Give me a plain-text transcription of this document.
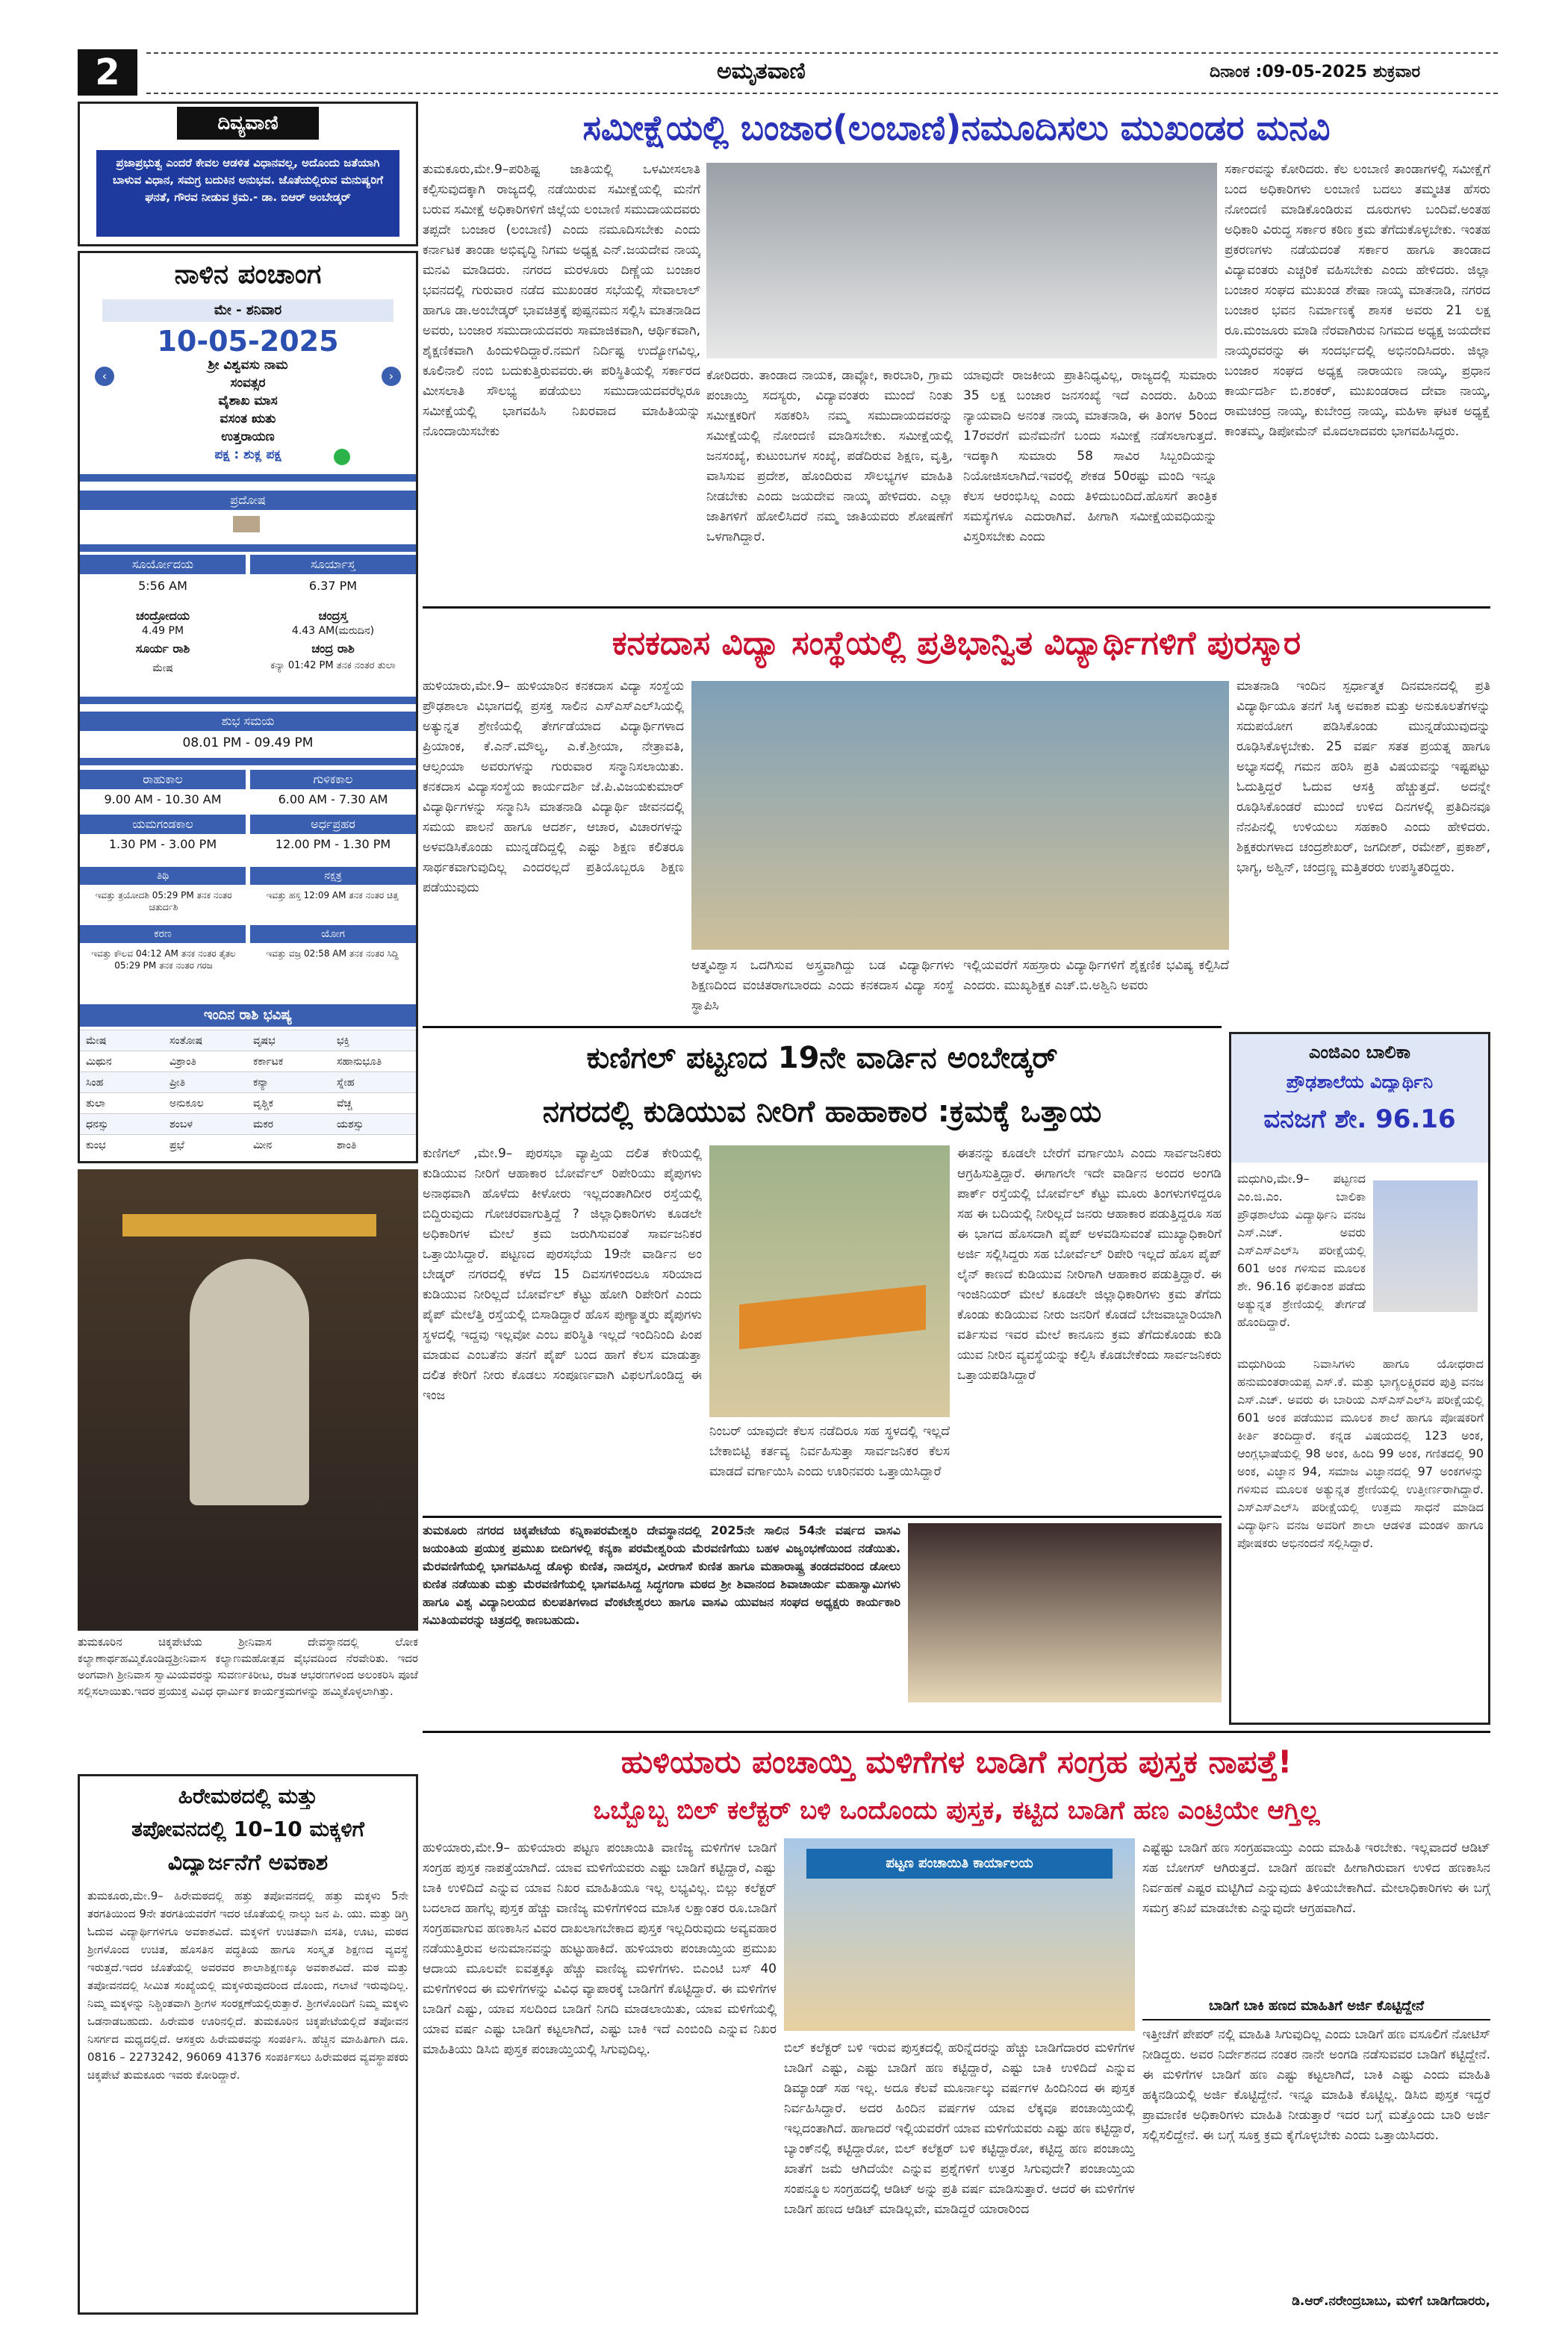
2	ಅಮೃತವಾಣಿ	ದಿನಾಂಕ :09-05-2025 ಶುಕ್ರವಾರ
ದಿವ್ಯವಾಣಿ
ಪ್ರಜಾಪ್ರಭುತ್ವ ಎಂದರೆ ಕೇವಲ ಆಡಳಿತ ವಿಧಾನವಲ್ಲ, ಅದೊಂದು ಜತೆಯಾಗಿ ಬಾಳುವ ವಿಧಾನ, ಸಮಗ್ರ ಬದುಕಿನ ಅನುಭವ. ಜೊತೆಯಲ್ಲಿರುವ ಮನುಷ್ಯರಿಗೆ ಘನತೆ, ಗೌರವ ನೀಡುವ ಕ್ರಮ.- ಡಾ. ಬಿಆರ್ ಅಂಬೇಡ್ಕರ್
ನಾಳಿನ ಪಂಚಾಂಗ
ಮೇ - ಶನಿವಾರ
10-05-2025
‹	›
ಶ್ರೀ ವಿಶ್ವವಸು ನಾಮ
ಸಂವತ್ಸರ
ವೈಶಾಖ ಮಾಸ
ವಸಂತ ಋತು
ಉತ್ತರಾಯಣ
ಪಕ್ಷ : ಶುಕ್ಲ ಪಕ್ಷ
ಪ್ರದೋಷ
ಸೂರ್ಯೋದಯ	ಸೂರ್ಯಾಸ್ತ
5:56 AM	6.37 PM
ಚಂದ್ರೋದಯ	ಚಂದ್ರಸ್ತ
4.49 PM	4.43 AM(ಮರುದಿನ)
ಸೂರ್ಯ ರಾಶಿ	ಚಂದ್ರ ರಾಶಿ
ಮೇಷ	ಕನ್ಯಾ 01:42 PM ತನಕ ನಂತರ ತುಲಾ
ಶುಭ ಸಮಯ
08.01 PM - 09.49 PM
ರಾಹುಕಾಲ	ಗುಳಿಕಕಾಲ
9.00 AM - 10.30 AM	6.00 AM - 7.30 AM
ಯಮಗಂಡಕಾಲ	ಅರ್ಧಪ್ರಹರ
1.30 PM - 3.00 PM	12.00 PM - 1.30 PM
ತಿಥಿ	ನಕ್ಷತ್ರ
ಇವತ್ತು ತ್ರಯೋದಶಿ 05:29 PM ತನಕ ನಂತರ ಚತುರ್ದಶಿ
ಇವತ್ತು ಹಸ್ತ 12:09 AM ತನಕ ನಂತರ ಚಿತ್ತ
ಕರಣ	ಯೋಗ
ಇವತ್ತು ಕೌಲವ 04:12 AM ತನಕ ನಂತರ ತೈತಲ 05:29 PM ತನಕ ನಂತರ ಗರಜ
ಇವತ್ತು ವಜ್ರ 02:58 AM ತನಕ ನಂತರ ಸಿದ್ಧಿ
ಇಂದಿನ ರಾಶಿ ಭವಿಷ್ಯ
ಮೇಷ	ಸಂತೋಷ	ವೃಷಭ	ಭಕ್ತಿ
ಮಿಥುನ	ವಿಶ್ರಾಂತಿ	ಕರ್ಕಾಟಕ	ಸಹಾನುಭೂತಿ
ಸಿಂಹ	ಪ್ರೀತಿ	ಕನ್ಯಾ	ಸ್ನೇಹ
ತುಲಾ	ಅನುಕೂಲ	ವೃಶ್ಚಿಕ	ವೆಚ್ಚ
ಧನಸ್ಸು	ಶಂಬಳ	ಮಕರ	ಯಶಸ್ಸು
ಕುಂಭ	ಪ್ರಭೆ	ಮೀನ	ಶಾಂತಿ
ತುಮಕೂರಿನ ಚಿಕ್ಕಪೇಟೆಯ ಶ್ರೀನಿವಾಸ ದೇವಸ್ಥಾನದಲ್ಲಿ ಲೋಕ ಕಲ್ಯಾಣಾರ್ಥಹಮ್ಮಿಕೊಂಡಿದ್ದಶ್ರೀನಿವಾಸ ಕಲ್ಯಾಣಮಹೋತ್ಸವ ವೈಭವದಿಂದ ನೆರವೇರಿತು. ಇದರ ಅಂಗವಾಗಿ ಶ್ರೀನಿವಾಸ ಸ್ವಾಮಿಯವರನ್ನು ಸುವರ್ಣಕಿರೀಟ, ರಜತ ಆಭರಣಗಳಿಂದ ಅಲಂಕರಿಸಿ ಪೂಜೆ ಸಲ್ಲಿಸಲಾಯಿತು.ಇದರ ಪ್ರಯುಕ್ತ ವಿವಿಧ ಧಾರ್ಮಿಕ ಕಾರ್ಯಕ್ರಮಗಳನ್ನು ಹಮ್ಮಿಕೊಳ್ಳಲಾಗಿತ್ತು.
ಹಿರೇಮಠದಲ್ಲಿ ಮತ್ತು
ತಪೋವನದಲ್ಲಿ 10–10 ಮಕ್ಕಳಿಗೆ
ವಿದ್ಯಾರ್ಜನೆಗೆ ಅವಕಾಶ
ತುಮಕೂರು,ಮೇ.9– ಹಿರೇಮಠದಲ್ಲಿ ಹತ್ತು ತಪೋವನದಲ್ಲಿ ಹತ್ತು ಮಕ್ಕಳು 5ನೇ ತರಗತಿಯಿಂದ 9ನೇ ತರಗತಿಯವರೆಗೆ ಇದರ ಜೊತೆಯಲ್ಲಿ ನಾಲ್ಕು ಜನ ಪಿ. ಯು. ಮತ್ತು ಡಿಗ್ರಿ ಓದುವ ವಿದ್ಯಾರ್ಥಿಗಳಿಗೂ ಅವಕಾಶವಿದೆ. ಮಕ್ಕಳಿಗೆ ಉಚಿತವಾಗಿ ವಸತಿ, ಊಟ, ಮಠದ ಶ್ರೀಗಳೊಂದ ಉಚಿತ, ಹೊಸತಿನ ಪದ್ಧತಿಯ ಹಾಗೂ ಸಂಸ್ಕೃತ ಶಿಕ್ಷಣದ ವ್ಯವಸ್ಥೆ ಇರುತ್ತದೆ.ಇದರ ಜೊತೆಯಲ್ಲಿ ಅವರವರ ಶಾಲಾಶಿಕ್ಷಣಕ್ಕೂ ಅವಕಾಶವಿದೆ. ಮಠ ಮತ್ತು ತಪೋವನದಲ್ಲಿ ಸೀಮಿತ ಸಂಖ್ಯೆಯಲ್ಲಿ ಮಕ್ಕಳಿರುವುದರಿಂದ ದೊಂದು, ಗಲಾಟೆ ಇರುವುದಿಲ್ಲ. ನಿಮ್ಮ ಮಕ್ಕಳನ್ನು ನಿಶ್ಚಿಂತವಾಗಿ ಶ್ರೀಗಳ ಸಂರಕ್ಷಣೆಯಲ್ಲಿರುತ್ತಾರೆ. ಶ್ರೀಗಳೊಂದಿಗೆ ನಿಮ್ಮ ಮಕ್ಕಳು ಒಡನಾಡಬಹುದು. ಹಿರೇಮಠ ಊರಿನಲ್ಲಿದೆ. ತುಮಕೂರಿನ ಚಿಕ್ಕಪೇಟೆಯಲ್ಲಿದೆ ತಪೋವನ ನಿಸರ್ಗದ ಮಧ್ಯದಲ್ಲಿದೆ. ಆಸಕ್ತರು ಹಿರೇಮಠವನ್ನು ಸಂಪರ್ಕಿಸಿ. ಹೆಚ್ಚಿನ ಮಾಹಿತಿಗಾಗಿ ದೂ. 0816 – 2273242, 96069 41376 ಸಂಪರ್ಕಿಸಲು ಹಿರೇಮಠದ ವ್ಯವಸ್ಥಾಪಕರು ಚಿಕ್ಕಪೇಟೆ ತುಮಕೂರು ಇವರು ಕೋರಿದ್ದಾರೆ.
ಸಮೀಕ್ಷೆಯಲ್ಲಿ ಬಂಜಾರ(ಲಂಬಾಣಿ)ನಮೂದಿಸಲು ಮುಖಂಡರ ಮನವಿ
ತುಮಕೂರು,ಮೇ.9–ಪರಿಶಿಷ್ಟ ಜಾತಿಯಲ್ಲಿ ಒಳಮೀಸಲಾತಿ ಕಲ್ಪಿಸುವುದಕ್ಕಾಗಿ ರಾಜ್ಯದಲ್ಲಿ ನಡೆಯಿರುವ ಸಮೀಕ್ಷೆಯಲ್ಲಿ ಮನೆಗೆ ಬರುವ ಸಮೀಕ್ಷೆ ಅಧಿಕಾರಿಗಳಿಗೆ ಜಿಲ್ಲೆಯ ಲಂಬಾಣಿ ಸಮುದಾಯದವರು ತಪ್ಪದೇ ಬಂಜಾರ (ಲಂಬಾಣಿ) ಎಂದು ನಮೂದಿಸಬೇಕು ಎಂದು ಕರ್ನಾಟಕ ತಾಂಡಾ ಅಭಿವೃದ್ಧಿ ನಿಗಮ ಅಧ್ಯಕ್ಷ ಎನ್.ಜಯದೇವ ನಾಯ್ಕ ಮನವಿ ಮಾಡಿದರು. ನಗರದ ಮರಳೂರು ದಿಣ್ಣೆಯ ಬಂಜಾರ ಭವನದಲ್ಲಿ ಗುರುವಾರ ನಡೆದ ಮುಖಂಡರ ಸಭೆಯಲ್ಲಿ ಸೇವಾಲಾಲ್ ಹಾಗೂ ಡಾ.ಅಂಬೇಡ್ಕರ್ ಭಾವಚಿತ್ರಕ್ಕೆ ಪುಷ್ಪನಮನ ಸಲ್ಲಿಸಿ ಮಾತನಾಡಿದ ಅವರು, ಬಂಜಾರ ಸಮುದಾಯದವರು ಸಾಮಾಜಿಕವಾಗಿ, ಆರ್ಥಿಕವಾಗಿ, ಶೈಕ್ಷಣಿಕವಾಗಿ ಹಿಂದುಳಿದಿದ್ದಾರೆ.ನಮಗೆ ನಿರ್ದಿಷ್ಟ ಉದ್ಯೋಗವಿಲ್ಲ, ಕೂಲಿನಾಲಿ ನಂಬಿ ಬದುಕುತ್ತಿರುವವರು.ಈ ಪರಿಸ್ಥಿತಿಯಲ್ಲಿ ಸರ್ಕಾರದ ಮೀಸಲಾತಿ ಸೌಲಭ್ಯ ಪಡೆಯಲು ಸಮುದಾಯದವರೆಲ್ಲರೂ ಸಮೀಕ್ಷೆಯಲ್ಲಿ ಭಾಗವಹಿಸಿ ನಿಖರವಾದ ಮಾಹಿತಿಯನ್ನು ನೊಂದಾಯಿಸಬೇಕು
ಕೋರಿದರು. ತಾಂಡಾದ ನಾಯಕ, ಡಾವ್ಲೋ, ಕಾರಬಾರಿ, ಗ್ರಾಮ ಪಂಚಾಯ್ತಿ ಸದಸ್ಯರು, ವಿದ್ಯಾವಂತರು ಮುಂದೆ ನಿಂತು ಸಮೀಕ್ಷಕರಿಗೆ ಸಹಕರಿಸಿ ನಮ್ಮ ಸಮುದಾಯದವರನ್ನು ಸಮೀಕ್ಷೆಯಲ್ಲಿ ನೋಂದಣಿ ಮಾಡಿಸಬೇಕು. ಸಮೀಕ್ಷೆಯಲ್ಲಿ ಜನಸಂಖ್ಯೆ, ಕುಟುಂಬಗಳ ಸಂಖ್ಯೆ, ಪಡೆದಿರುವ ಶಿಕ್ಷಣ, ವೃತ್ತಿ, ವಾಸಿಸುವ ಪ್ರದೇಶ, ಹೊಂದಿರುವ ಸೌಲಭ್ಯಗಳ ಮಾಹಿತಿ ನೀಡಬೇಕು ಎಂದು ಜಯದೇವ ನಾಯ್ಕ ಹೇಳಿದರು. ಎಲ್ಲಾ ಜಾತಿಗಳಿಗೆ ಹೋಲಿಸಿದರೆ ನಮ್ಮ ಜಾತಿಯವರು ಶೋಷಣೆಗೆ ಒಳಗಾಗಿದ್ದಾರೆ.
ಯಾವುದೇ ರಾಜಕೀಯ ಪ್ರಾತಿನಿಧ್ಯವಿಲ್ಲ, ರಾಜ್ಯದಲ್ಲಿ ಸುಮಾರು 35 ಲಕ್ಷ ಬಂಜಾರ ಜನಸಂಖ್ಯೆ ಇದೆ ಎಂದರು. ಹಿರಿಯ ನ್ಯಾಯವಾದಿ ಅನಂತ ನಾಯ್ಕ ಮಾತನಾಡಿ, ಈ ತಿಂಗಳ 5ರಿಂದ 17ರವರೆಗೆ ಮನೆಮನೆಗೆ ಬಂದು ಸಮೀಕ್ಷೆ ನಡೆಸಲಾಗುತ್ತದೆ. ಇದಕ್ಕಾಗಿ ಸುಮಾರು 58 ಸಾವಿರ ಸಿಬ್ಬಂದಿಯನ್ನು ನಿಯೋಜಿಸಲಾಗಿದೆ.ಇವರಲ್ಲಿ ಶೇಕಡ 50ರಷ್ಟು ಮಂದಿ ಇನ್ನೂ ಕೆಲಸ ಆರಂಭಿಸಿಲ್ಲ ಎಂದು ತಿಳಿದುಬಂದಿದೆ.ಹೊಸಗೆ ತಾಂತ್ರಿಕ ಸಮಸ್ಯೆಗಳೂ ಎದುರಾಗಿವೆ. ಹೀಗಾಗಿ ಸಮೀಕ್ಷೆಯವಧಿಯನ್ನು ವಿಸ್ತರಿಸಬೇಕು ಎಂದು
ಸರ್ಕಾರವನ್ನು ಕೋರಿದರು. ಕೆಲ ಲಂಬಾಣಿ ತಾಂಡಾಗಳಲ್ಲಿ ಸಮೀಕ್ಷೆಗೆ ಬಂದ ಅಧಿಕಾರಿಗಳು ಲಂಬಾಣಿ ಬದಲು ತಮ್ಮಚಿತ ಹೆಸರು ನೋಂದಣಿ ಮಾಡಿಕೊಂಡಿರುವ ದೂರುಗಳು ಬಂದಿವೆ.ಅಂತಹ ಅಧಿಕಾರಿ ವಿರುದ್ಧ ಸರ್ಕಾರ ಕಠಿಣ ಕ್ರಮ ತೆಗೆದುಕೊಳ್ಳಬೇಕು. ಇಂತಹ ಪ್ರಕರಣಗಳು ನಡೆಯದಂತೆ ಸರ್ಕಾರ ಹಾಗೂ ತಾಂಡಾದ ವಿದ್ಯಾವಂತರು ಎಚ್ಚರಿಕೆ ವಹಿಸಬೇಕು ಎಂದು ಹೇಳಿದರು. ಜಿಲ್ಲಾ ಬಂಜಾರ ಸಂಘದ ಮುಖಂಡ ಶೇಷಾ ನಾಯ್ಕ ಮಾತನಾಡಿ, ನಗರದ ಬಂಜಾರ ಭವನ ನಿರ್ಮಾಣಕ್ಕೆ ಶಾಸಕ ಅವರು 21 ಲಕ್ಷ ರೂ.ಮಂಜೂರು ಮಾಡಿ ನೆರವಾಗಿರುವ ನಿಗಮದ ಅಧ್ಯಕ್ಷ ಜಯದೇವ ನಾಯ್ಕರವರನ್ನು ಈ ಸಂದರ್ಭದಲ್ಲಿ ಅಭಿನಂದಿಸಿದರು. ಜಿಲ್ಲಾ ಬಂಜಾರ ಸಂಘದ ಅಧ್ಯಕ್ಷ ನಾರಾಯಣ ನಾಯ್ಕ, ಪ್ರಧಾನ ಕಾರ್ಯದರ್ಶಿ ಬಿ.ಶಂಕರ್, ಮುಖಂಡರಾದ ದೇವಾ ನಾಯ್ಕ, ರಾಮಚಂದ್ರ ನಾಯ್ಕ, ಕುಬೇಂದ್ರ ನಾಯ್ಕ, ಮಹಿಳಾ ಘಟಕ ಅಧ್ಯಕ್ಷೆ ಕಾಂತಮ್ಮ, ಡಿಪೋಮೆನ್ ಮೊದಲಾದವರು ಭಾಗವಹಿಸಿದ್ದರು.
ಕನಕದಾಸ ವಿದ್ಯಾ ಸಂಸ್ಥೆಯಲ್ಲಿ ಪ್ರತಿಭಾನ್ವಿತ ವಿದ್ಯಾರ್ಥಿಗಳಿಗೆ ಪುರಸ್ಕಾರ
ಹುಳಿಯಾರು,ಮೇ.9– ಹುಳಿಯಾರಿನ ಕನಕದಾಸ ವಿದ್ಯಾ ಸಂಸ್ಥೆಯ ಪ್ರೌಢಶಾಲಾ ವಿಭಾಗದಲ್ಲಿ ಪ್ರಸಕ್ತ ಸಾಲಿನ ಎಸ್ಎಸ್ಎಲ್‌ಸಿಯಲ್ಲಿ ಅತ್ಯುನ್ನತ ಶ್ರೇಣಿಯಲ್ಲಿ ತೇರ್ಗಡೆಯಾದ ವಿದ್ಯಾರ್ಥಿಗಳಾದ ಪ್ರಿಯಾಂಕ, ಕೆ.ಎನ್.ಮೌಲ್ಯ, ಎ.ಕೆ.ಶ್ರೀಯಾ, ನೇತ್ರಾವತಿ, ಆಲ್ಸಂಯಾ ಅವರುಗಳನ್ನು ಗುರುವಾರ ಸನ್ಮಾನಿಸಲಾಯಿತು. ಕನಕದಾಸ ವಿದ್ಯಾಸಂಸ್ಥೆಯ ಕಾರ್ಯದರ್ಶಿ ಜೆ.ಪಿ.ವಿಜಯಕುಮಾರ್ ವಿದ್ಯಾರ್ಥಿಗಳನ್ನು ಸನ್ಮಾನಿಸಿ ಮಾತನಾಡಿ ವಿದ್ಯಾರ್ಥಿ ಜೀವನದಲ್ಲಿ ಸಮಯ ಪಾಲನೆ ಹಾಗೂ ಆದರ್ಶ, ಆಚಾರ, ವಿಚಾರಗಳನ್ನು ಅಳವಡಿಸಿಕೊಂಡು ಮುನ್ನಡೆದಿದ್ದಲ್ಲಿ ಎಷ್ಟು ಶಿಕ್ಷಣ ಕಲಿತರೂ ಸಾರ್ಥಕವಾಗುವುದಿಲ್ಲ ಎಂದರಲ್ಲದೆ ಪ್ರತಿಯೊಬ್ಬರೂ ಶಿಕ್ಷಣ ಪಡೆಯುವುದು
ಆತ್ಮವಿಶ್ವಾಸ ಒದಗಿಸುವ ಅಸ್ತ್ರವಾಗಿದ್ದು ಬಡ ವಿದ್ಯಾರ್ಥಿಗಳು ಶಿಕ್ಷಣದಿಂದ ವಂಚಿತರಾಗಬಾರದು ಎಂದು ಕನಕದಾಸ ವಿದ್ಯಾ ಸಂಸ್ಥೆ ಸ್ಥಾಪಿಸಿ
ಇಲ್ಲಿಯವರೆಗೆ ಸಹಸ್ರಾರು ವಿದ್ಯಾರ್ಥಿಗಳಿಗೆ ಶೈಕ್ಷಣಿಕ ಭವಿಷ್ಯ ಕಲ್ಪಿಸಿದೆ ಎಂದರು. ಮುಖ್ಯಶಿಕ್ಷಕ ಎಚ್.ಬಿ.ಅಶ್ವಿನಿ ಅವರು
ಮಾತನಾಡಿ ಇಂದಿನ ಸ್ಪರ್ಧಾತ್ಮಕ ದಿನಮಾನದಲ್ಲಿ ಪ್ರತಿ ವಿದ್ಯಾರ್ಥಿಯೂ ತನಗೆ ಸಿಕ್ಕ ಅವಕಾಶ ಮತ್ತು ಅನುಕೂಲತೆಗಳನ್ನು ಸದುಪಯೋಗ ಪಡಿಸಿಕೊಂಡು ಮುನ್ನಡೆಯುವುದನ್ನು ರೂಢಿಸಿಕೊಳ್ಳಬೇಕು. 25 ವರ್ಷ ಸತತ ಪ್ರಯತ್ನ ಹಾಗೂ ಅಭ್ಯಾಸದಲ್ಲಿ ಗಮನ ಹರಿಸಿ ಪ್ರತಿ ವಿಷಯವನ್ನು ಇಷ್ಟಪಟ್ಟು ಓದುತ್ತಿದ್ದರೆ ಓದುವ ಆಸಕ್ತಿ ಹೆಚ್ಚುತ್ತದೆ. ಅದನ್ನೇ ರೂಢಿಸಿಕೊಂಡರೆ ಮುಂದೆ ಉಳಿದ ದಿನಗಳಲ್ಲಿ ಪ್ರತಿದಿನವೂ ನೆನಪಿನಲ್ಲಿ ಉಳಿಯಲು ಸಹಕಾರಿ ಎಂದು ಹೇಳಿದರು. ಶಿಕ್ಷಕರುಗಳಾದ ಚಂದ್ರಶೇಖರ್, ಜಗದೀಶ್, ರಮೇಶ್, ಪ್ರಕಾಶ್, ಭಾಗ್ಯ, ಅಶ್ವಿನ್, ಚಂದ್ರಣ್ಣ ಮತ್ತಿತರರು ಉಪಸ್ಥಿತರಿದ್ದರು.
ಕುಣಿಗಲ್ ಪಟ್ಟಣದ 19ನೇ ವಾರ್ಡಿನ ಅಂಬೇಡ್ಕರ್
ನಗರದಲ್ಲಿ ಕುಡಿಯುವ ನೀರಿಗೆ ಹಾಹಾಕಾರ :ಕ್ರಮಕ್ಕೆ ಒತ್ತಾಯ
ಕುಣಿಗಲ್ ,ಮೇ.9– ಪುರಸಭಾ ವ್ಯಾಪ್ತಿಯ ದಲಿತ ಕೇರಿಯಲ್ಲಿ ಕುಡಿಯುವ ನೀರಿಗೆ ಆಹಾಕಾರ ಬೋರ್ವೆಲ್ ರಿಪೇರಿಯು ಪೈಪುಗಳು ಅನಾಥವಾಗಿ ಹೊಳೆದು ಕೀಳೋರು ಇಲ್ಲದಂತಾಗಿದೀರ ರಸ್ತೆಯಲ್ಲಿ ಬಿದ್ದಿರುವುದು ಗೋಚರವಾಗುತ್ತಿದ್ದೆ ? ಜಿಲ್ಲಾಧಿಕಾರಿಗಳು ಕೂಡಲೇ ಅಧಿಕಾರಿಗಳ ಮೇಲೆ ಕ್ರಮ ಜರುಗಿಸುವಂತೆ ಸಾರ್ವಜನಿಕರ ಒತ್ತಾಯಿಸಿದ್ದಾರೆ. ಪಟ್ಟಣದ ಪುರಸಭೆಯ 19ನೇ ವಾರ್ಡಿನ ಅಂ ಬೇಡ್ಕರ್ ನಗರದಲ್ಲಿ ಕಳೆದ 15 ದಿವಸಗಳಿಂದಲೂ ಸರಿಯಾದ ಕುಡಿಯುವ ನೀರಿಲ್ಲದೆ ಬೋರ್ವೆಲ್ ಕೆಟ್ಟು ಹೋಗಿ ರಿಪೇರಿಗೆ ಎಂದು ಪೈಪ್ ಮೇಲೆತ್ತಿ ರಸ್ತೆಯಲ್ಲಿ ಬಿಸಾಡಿದ್ದಾರೆ ಹೊಸ ಪುಣ್ಯಾತ್ಮರು ಪೈಪುಗಳು ಸ್ಥಳದಲ್ಲಿ ಇದ್ದವು ಇಲ್ಲವೋ ಎಂಬ ಪರಿಸ್ಥಿತಿ ಇಲ್ಲದೆ ಇಂದಿನಿಂದಿ ಪಿಂಪ ಮಾಡುವ ಎಂಬತೆನು ತನಗೆ ಪೈಪ್ ಬಂದ ಹಾಗೆ ಕೆಲಸ ಮಾಡುತ್ತಾ ದಲಿತ ಕೇರಿಗೆ ನೀರು ಕೊಡಲು ಸಂಪೂರ್ಣವಾಗಿ ವಿಫಲಗೊಂಡಿದ್ದ ಈ ಇಂಜ
ನಿಂಬರ್ ಯಾವುದೇ ಕೆಲಸ ನಡೆದಿರೂ ಸಹ ಸ್ಥಳದಲ್ಲಿ ಇಲ್ಲದೆ ಬೇಕಾಬಿಟ್ಟಿ ಕರ್ತವ್ಯ ನಿರ್ವಹಿಸುತ್ತಾ ಸಾರ್ವಜನಿಕರ ಕೆಲಸ ಮಾಡದೆ ವರ್ಗಾಯಿಸಿ ಎಂದು ಊರಿನವರು ಒತ್ತಾಯಿಸಿದ್ದಾರೆ
ಈತನನ್ನು ಕೂಡಲೇ ಬೇರೆಗೆ ವರ್ಗಾಯಿಸಿ ಎಂದು ಸಾರ್ವಜನಿಕರು ಆಗ್ರಹಿಸುತ್ತಿದ್ದಾರೆ. ಈಗಾಗಲೇ ಇದೇ ವಾರ್ಡಿನ ಅಂದರ ಅಂಗಡಿ ಪಾರ್ಕ್ ರಸ್ತೆಯಲ್ಲಿ ಬೋರ್ವೆಲ್ ಕೆಟ್ಟು ಮೂರು ತಿಂಗಳುಗಳಿದ್ದರೂ ಸಹ ಈ ಬದಿಯಲ್ಲಿ ನೀರಿಲ್ಲದೆ ಜನರು ಆಹಾಕಾರ ಪಡುತ್ತಿದ್ದರೂ ಸಹ ಈ ಭಾಗದ ಹೊಸದಾಗಿ ಪೈಪ್ ಅಳವಡಿಸುವಂತೆ ಮುಖ್ಯಾಧಿಕಾರಿಗೆ ಅರ್ಜಿ ಸಲ್ಲಿಸಿದ್ದರು ಸಹ ಬೋರ್ವೆಲ್ ರಿಪೇರಿ ಇಲ್ಲದೆ ಹೊಸ ಪೈಪ್ ಲೈನ್ ಕಾಣದೆ ಕುಡಿಯುವ ನೀರಿಗಾಗಿ ಆಹಾಕಾರ ಪಡುತ್ತಿದ್ದಾರೆ. ಈ ಇಂಜಿನಿಯರ್ ಮೇಲೆ ಕೂಡಲೇ ಜಿಲ್ಲಾಧಿಕಾರಿಗಳು ಕ್ರಮ ತೆಗೆದು ಕೊಂಡು ಕುಡಿಯುವ ನೀರು ಜನರಿಗೆ ಕೊಡದೆ ಬೇಜವಾಬ್ದಾರಿಯಾಗಿ ವರ್ತಿಸುವ ಇವರ ಮೇಲೆ ಕಾನೂನು ಕ್ರಮ ತೆಗೆದುಕೊಂಡು ಕುಡಿ ಯುವ ನೀರಿನ ವ್ಯವಸ್ಥೆಯನ್ನು ಕಲ್ಪಿಸಿ ಕೊಡಬೇಕೆಂದು ಸಾರ್ವಜನಿಕರು ಒತ್ತಾಯಪಡಿಸಿದ್ದಾರೆ
ಎಂಜಿಎಂ ಬಾಲಿಕಾ
ಪ್ರೌಢಶಾಲೆಯ ವಿದ್ಯಾರ್ಥಿನಿ
ವನಜಗೆ ಶೇ. 96.16
ಮಧುಗಿರಿ,ಮೇ.9– ಪಟ್ಟಣದ ಎಂ.ಜಿ.ಎಂ. ಬಾಲಿಕಾ ಪ್ರೌಢಶಾಲೆಯ ವಿದ್ಯಾರ್ಥಿನಿ ವನಜ ಎಸ್.ಎಚ್. ಅವರು ಎಸ್ಎಸ್ಎಲ್‌ಸಿ ಪರೀಕ್ಷೆಯಲ್ಲಿ 601 ಅಂಕ ಗಳಿಸುವ ಮೂಲಕ ಶೇ. 96.16 ಫಲಿತಾಂಶ ಪಡೆದು ಅತ್ಯುನ್ನತ ಶ್ರೇಣಿಯಲ್ಲಿ ತೇರ್ಗಡೆ ಹೊಂದಿದ್ದಾರೆ.
ಮಧುಗಿರಿಯ ನಿವಾಸಿಗಳು ಹಾಗೂ ಯೋಧರಾದ ಹನುಮಂತರಾಯಪ್ಪ ಎಸ್.ಕೆ. ಮತ್ತು ಭಾಗ್ಯಲಕ್ಷ್ಮಿರವರ ಪುತ್ರಿ ವನಜ ಎಸ್.ಎಚ್. ಅವರು ಈ ಬಾರಿಯ ಎಸ್ಎಸ್ಎಲ್‌ಸಿ ಪರೀಕ್ಷೆಯಲ್ಲಿ 601 ಅಂಕ ಪಡೆಯುವ ಮೂಲಕ ಶಾಲೆ ಹಾಗೂ ಪೋಷಕರಿಗೆ ಕೀರ್ತಿ ತಂದಿದ್ದಾರೆ. ಕನ್ನಡ ವಿಷಯದಲ್ಲಿ 123 ಅಂಕ, ಆಂಗ್ಲಭಾಷೆಯಲ್ಲಿ 98 ಅಂಕ, ಹಿಂದಿ 99 ಅಂಕ, ಗಣಿತದಲ್ಲಿ 90 ಅಂಕ, ವಿಜ್ಞಾನ 94, ಸಮಾಜ ವಿಜ್ಞಾನದಲ್ಲಿ 97 ಅಂಕಗಳನ್ನು ಗಳಿಸುವ ಮೂಲಕ ಅತ್ಯುನ್ನತ ಶ್ರೇಣಿಯಲ್ಲಿ ಉತ್ತೀರ್ಣರಾಗಿದ್ದಾರೆ. ಎಸ್ಎಸ್ಎಲ್‌ಸಿ ಪರೀಕ್ಷೆಯಲ್ಲಿ ಉತ್ತಮ ಸಾಧನೆ ಮಾಡಿದ ವಿದ್ಯಾರ್ಥಿನಿ ವನಜ ಅವರಿಗೆ ಶಾಲಾ ಆಡಳಿತ ಮಂಡಳಿ ಹಾಗೂ ಪೋಷಕರು ಅಭಿನಂದನೆ ಸಲ್ಲಿಸಿದ್ದಾರೆ.
ತುಮಕೂರು ನಗರದ ಚಿಕ್ಕಪೇಟೆಯ ಕನ್ನಿಕಾಪರಮೇಶ್ವರಿ ದೇವಸ್ಥಾನದಲ್ಲಿ 2025ನೇ ಸಾಲಿನ 54ನೇ ವರ್ಷದ ವಾಸವಿ ಜಯಂತಿಯ ಪ್ರಯುಕ್ತ ಪ್ರಮುಖ ಬೀದಿಗಳಲ್ಲಿ ಕನ್ಯಕಾ ಪರಮೇಶ್ವರಿಯ ಮೆರವಣಿಗೆಯು ಬಹಳ ವಿಜೃಂಭಣೆಯಿಂದ ನಡೆಯಿತು. ಮೆರವಣಿಗೆಯಲ್ಲಿ ಭಾಗವಹಿಸಿದ್ದ ಡೊಳ್ಳು ಕುಣಿತ, ನಾದಸ್ವರ, ವೀರಗಾಸೆ ಕುಣಿತ ಹಾಗೂ ಮಹಾರಾಷ್ಟ್ರ ತಂಡದವರಿಂದ ಡೋಲು ಕುಣಿತ ನಡೆಯಿತು ಮತ್ತು ಮೆರವಣಿಗೆಯಲ್ಲಿ ಭಾಗವಹಿಸಿದ್ದ ಸಿದ್ಧಗಂಗಾ ಮಠದ ಶ್ರೀ ಶಿವಾನಂದ ಶಿವಾಚಾರ್ಯ ಮಹಾಸ್ವಾಮಿಗಳು ಹಾಗೂ ವಿಶ್ವ ವಿದ್ಯಾನಿಲಯದ ಕುಲಪತಿಗಳಾದ ವೆಂಕಟೇಶ್ವರಲು ಹಾಗೂ ವಾಸವಿ ಯುವಜನ ಸಂಘದ ಅಧ್ಯಕ್ಷರು ಕಾರ್ಯಕಾರಿ ಸಮಿತಿಯವರನ್ನು ಚಿತ್ರದಲ್ಲಿ ಕಾಣಬಹುದು.
ಹುಳಿಯಾರು ಪಂಚಾಯ್ತಿ ಮಳಿಗೆಗಳ ಬಾಡಿಗೆ ಸಂಗ್ರಹ ಪುಸ್ತಕ ನಾಪತ್ತೆ!
ಒಬ್ಬೊಬ್ಬ ಬಿಲ್ ಕಲೆಕ್ಟರ್ ಬಳಿ ಒಂದೊಂದು ಪುಸ್ತಕ, ಕಟ್ಟಿದ ಬಾಡಿಗೆ ಹಣ ಎಂಟ್ರಿಯೇ ಆಗ್ತಿಲ್ಲ
ಹುಳಿಯಾರು,ಮೇ.9– ಹುಳಿಯಾರು ಪಟ್ಟಣ ಪಂಚಾಯಿತಿ ವಾಣಿಜ್ಯ ಮಳಿಗೆಗಳ ಬಾಡಿಗೆ ಸಂಗ್ರಹ ಪುಸ್ತಕ ನಾಪತ್ತೆಯಾಗಿದೆ. ಯಾವ ಮಳಿಗೆಯವರು ಎಷ್ಟು ಬಾಡಿಗೆ ಕಟ್ಟಿದ್ದಾರೆ, ಎಷ್ಟು ಬಾಕಿ ಉಳಿದಿದೆ ಎನ್ನುವ ಯಾವ ನಿಖರ ಮಾಹಿತಿಯೂ ಇಲ್ಲ ಲಭ್ಯವಿಲ್ಲ. ಬಿಲ್ಲು ಕಲೆಕ್ಟರ್ ಬದಲಾದ ಹಾಗೆಲ್ಲ ಪುಸ್ತಕ ಹೆಚ್ಚು ವಾಣಿಜ್ಯ ಮಳಿಗೆಗಳಿಂದ ಮಾಸಿಕ ಲಕ್ಷಾಂತರ ರೂ.ಬಾಡಿಗೆ ಸಂಗ್ರಹವಾಗುವ ಹಣಕಾಸಿನ ವಿವರ ದಾಖಲಾಗಬೇಕಾದ ಪುಸ್ತಕ ಇಲ್ಲದಿರುವುದು ಅವ್ಯವಹಾರ ನಡೆಯುತ್ತಿರುವ ಅನುಮಾನವನ್ನು ಹುಟ್ಟುಹಾಕಿದೆ. ಹುಳಿಯಾರು ಪಂಚಾಯ್ತಿಯ ಪ್ರಮುಖ ಆದಾಯ ಮೂಲವೇ ಐವತ್ತಕ್ಕೂ ಹೆಚ್ಚು ವಾಣಿಜ್ಯ ಮಳಿಗೆಗಳು. ಬಿಎಂಟಿ ಬಸ್ 40 ಮಳಿಗೆಗಳಿಂದ ಈ ಮಳಿಗೆಗಳನ್ನು ವಿವಿಧ ವ್ಯಾಪಾರಕ್ಕೆ ಬಾಡಿಗೆಗೆ ಕೊಟ್ಟಿದ್ದಾರೆ. ಈ ಮಳಿಗೆಗಳ ಬಾಡಿಗೆ ಎಷ್ಟು, ಯಾವ ಸಲದಿಂದ ಬಾಡಿಗೆ ನಿಗದಿ ಮಾಡಲಾಯಿತು, ಯಾವ ಮಳಿಗೆಯಲ್ಲಿ ಯಾವ ವರ್ಷ ಎಷ್ಟು ಬಾಡಿಗೆ ಕಟ್ಟಲಾಗಿದೆ, ಎಷ್ಟು ಬಾಕಿ ಇದೆ ಎಂಬಿಂದಿ ಎನ್ನುವ ನಿಖರ ಮಾಹಿತಿಯು ಡಿಸಿಬಿ ಪುಸ್ತಕ ಪಂಚಾಯ್ತಿಯಲ್ಲಿ ಸಿಗುವುದಿಲ್ಲ.
ಪಟ್ಟಣ ಪಂಚಾಯಿತಿ ಕಾರ್ಯಾಲಯ
ಬಿಲ್ ಕಲೆಕ್ಟರ್ ಬಳಿ ಇರುವ ಪುಸ್ತಕದಲ್ಲಿ ಹರಿನ್ನೆದರನ್ನು ಹೆಚ್ಚು ಬಾಡಿಗೆದಾರರ ಮಳಿಗೆಗಳ ಬಾಡಿಗೆ ಎಷ್ಟು, ಎಷ್ಟು ಬಾಡಿಗೆ ಹಣ ಕಟ್ಟಿದ್ದಾರೆ, ಎಷ್ಟು ಬಾಕಿ ಉಳಿದಿದೆ ಎನ್ನುವ ಡಿಮ್ಯಾಂಡ್ ಸಹ ಇಲ್ಲ. ಅದೂ ಕೆಲವೆ ಮೂರ್ನಾಲ್ಕು ವರ್ಷಗಳ ಹಿಂದಿನಿಂದ ಈ ಪುಸ್ತಕ ನಿರ್ವಹಿಸಿದ್ದಾರೆ. ಅದರ ಹಿಂದಿನ ವರ್ಷಗಳ ಯಾವ ಲೆಕ್ಕವೂ ಪಂಚಾಯ್ತಿಯಲ್ಲಿ ಇಲ್ಲದಂತಾಗಿದೆ. ಹಾಗಾದರೆ ಇಲ್ಲಿಯವರೆಗೆ ಯಾವ ಮಳಿಗೆಯವರು ಎಷ್ಟು ಹಣ ಕಟ್ಟಿದ್ದಾರೆ, ಬ್ಯಾಂಕ್‌ನಲ್ಲಿ ಕಟ್ಟಿದ್ದಾರೋ, ಬಿಲ್ ಕಲೆಕ್ಟರ್ ಬಳಿ ಕಟ್ಟಿದ್ದಾರೋ, ಕಟ್ಟಿದ್ದ ಹಣ ಪಂಚಾಯ್ತಿ ಖಾತೆಗೆ ಜಮೆ ಆಗಿದೆಯೇ ಎನ್ನುವ ಪ್ರಶ್ನೆಗಳಿಗೆ ಉತ್ತರ ಸಿಗುವುದೇ? ಪಂಚಾಯ್ತಿಯ ಸಂಪನ್ಮೂಲ ಸಂಗ್ರಹದಲ್ಲಿ ಆಡಿಟ್ ಅನ್ನು ಪ್ರತಿ ವರ್ಷ ಮಾಡಿಸುತ್ತಾರೆ. ಆದರೆ ಈ ಮಳಿಗೆಗಳ ಬಾಡಿಗೆ ಹಣದ ಆಡಿಟ್ ಮಾಡಿಲ್ಲವೇ, ಮಾಡಿದ್ದರೆ ಯಾರಾರಿಂದ
ಎಷ್ಟೆಷ್ಟು ಬಾಡಿಗೆ ಹಣ ಸಂಗ್ರಹವಾಯ್ತು ಎಂದು ಮಾಹಿತಿ ಇರಬೇಕು. ಇಲ್ಲವಾದರೆ ಆಡಿಟ್ ಸಹ ಬೋಗಸ್ ಆಗಿರುತ್ತದೆ. ಬಾಡಿಗೆ ಹಣವೇ ಹೀಗಾಗಿರುವಾಗ ಉಳಿದ ಹಣಕಾಸಿನ ನಿರ್ವಹಣೆ ಎಷ್ಟರ ಮಟ್ಟಿಗಿದೆ ಎನ್ನುವುದು ತಿಳಿಯಬೇಕಾಗಿದೆ. ಮೇಲಾಧಿಕಾರಿಗಳು ಈ ಬಗ್ಗೆ ಸಮಗ್ರ ತನಿಖೆ ಮಾಡಬೇಕು ಎನ್ನುವುದೇ ಆಗ್ರಹವಾಗಿದೆ.
ಬಾಡಿಗೆ ಬಾಕಿ ಹಣದ ಮಾಹಿತಿಗೆ ಅರ್ಜಿ ಕೊಟ್ಟಿದ್ದೇನೆ
ಇತ್ತೀಚೆಗೆ ಪೇಪರ್ ನಲ್ಲಿ ಮಾಹಿತಿ ಸಿಗುವುದಿಲ್ಲ ಎಂದು ಬಾಡಿಗೆ ಹಣ ವಸೂಲಿಗೆ ನೋಟಿಸ್ ನೀಡಿದ್ದರು. ಅವರ ನಿರ್ದೇಶನದ ನಂತರ ನಾನೇ ಅಂಗಡಿ ನಡೆಸುವವರ ಬಾಡಿಗೆ ಕಟ್ಟಿದ್ದೇನೆ. ಈ ಮಳಿಗೆಗಳ ಬಾಡಿಗೆ ಹಣ ಎಷ್ಟು ಕಟ್ಟಲಾಗಿದೆ, ಬಾಕಿ ಎಷ್ಟು ಎಂದು ಮಾಹಿತಿ ಹಕ್ಕಿನಡಿಯಲ್ಲಿ ಅರ್ಜಿ ಕೊಟ್ಟಿದ್ದೇನೆ. ಇನ್ನೂ ಮಾಹಿತಿ ಕೊಟ್ಟಿಲ್ಲ. ಡಿಸಿಬಿ ಪುಸ್ತಕ ಇದ್ದರೆ ಪ್ರಾಮಾಣಿಕ ಅಧಿಕಾರಿಗಳು ಮಾಹಿತಿ ನೀಡುತ್ತಾರೆ ಇದರ ಬಗ್ಗೆ ಮತ್ತೊಂದು ಬಾರಿ ಅರ್ಜಿ ಸಲ್ಲಿಸಲಿದ್ದೇನೆ. ಈ ಬಗ್ಗೆ ಸೂಕ್ತ ಕ್ರಮ ಕೈಗೊಳ್ಳಬೇಕು ಎಂದು ಒತ್ತಾಯಿಸಿದರು.
ಡಿ.ಆರ್.ನರೇಂದ್ರಬಾಬು, ಮಳಿಗೆ ಬಾಡಿಗೆದಾರರು,
